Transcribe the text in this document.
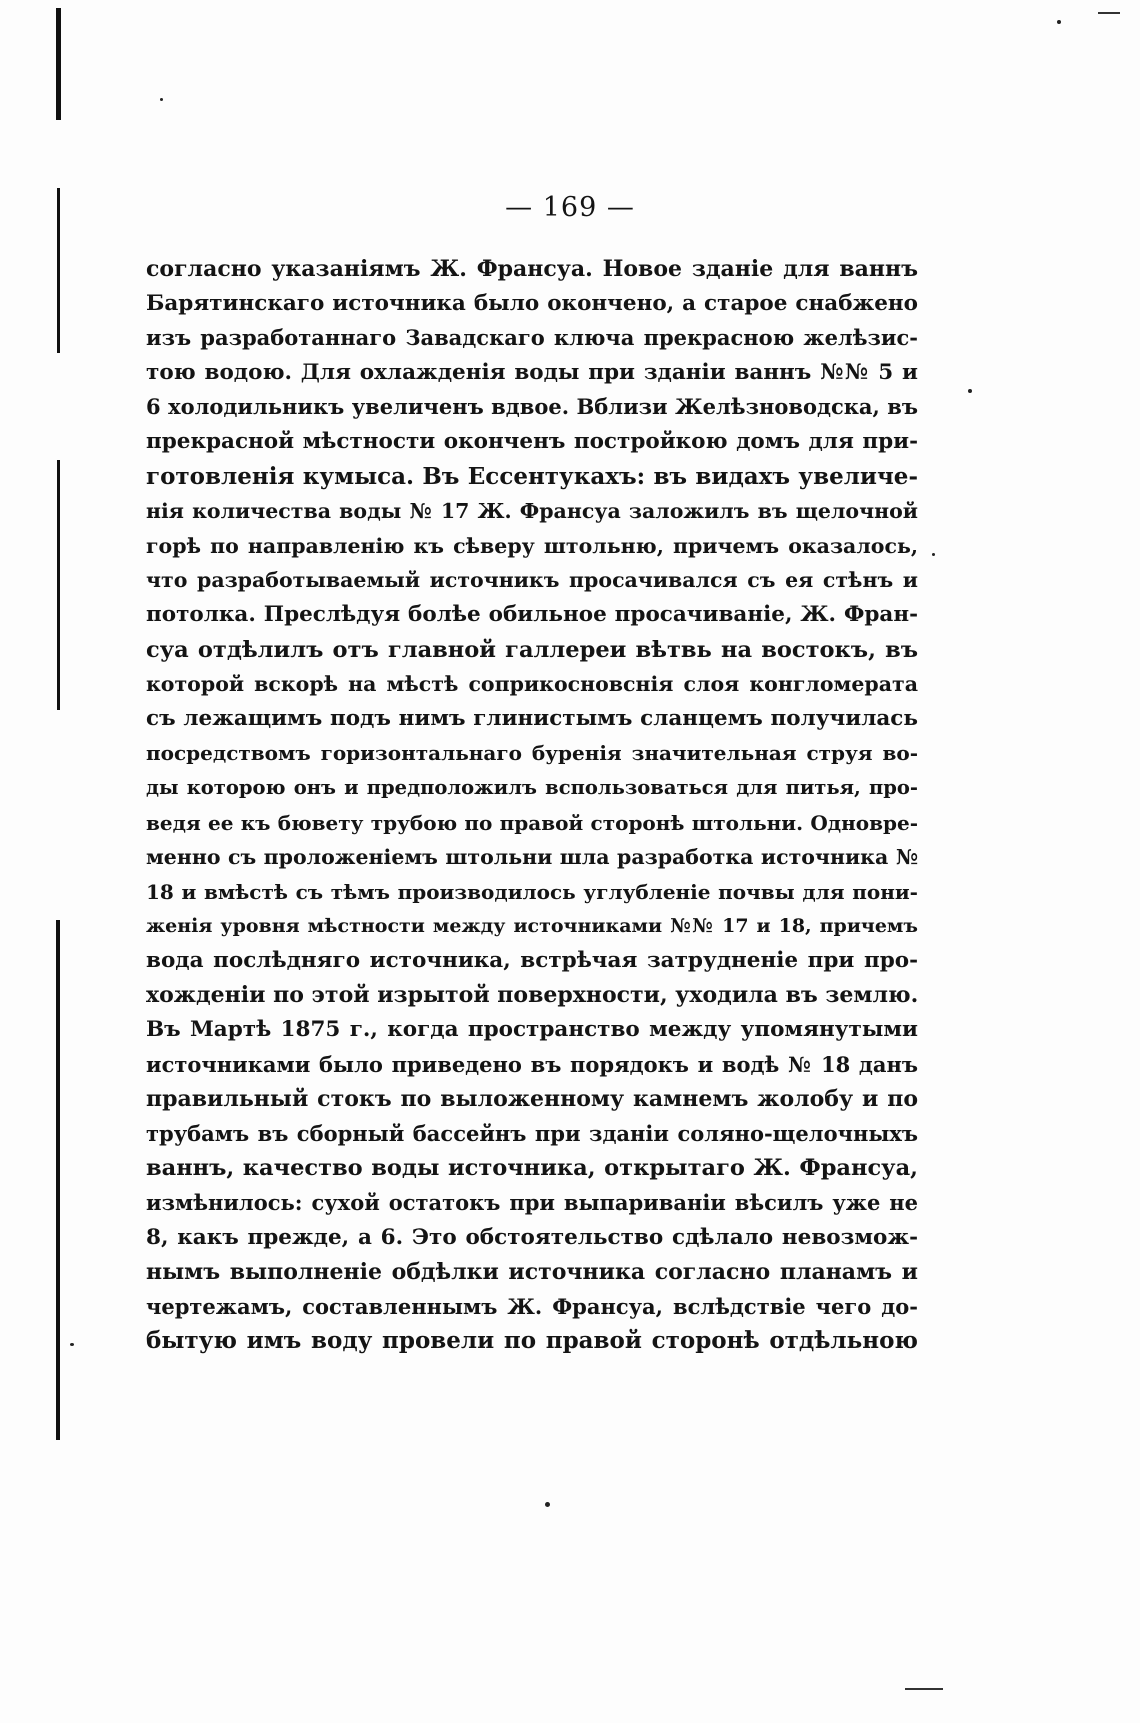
— 169 —
согласно указаніямъ Ж. Франсуа. Новое зданіе для ваннъ
Барятинскаго источника было окончено, а старое снабжено
изъ разработаннаго Завадскаго ключа прекрасною желѣзис-
тою водою. Для охлажденія воды при зданіи ваннъ №№ 5 и
6 холодильникъ увеличенъ вдвое. Вблизи Желѣзноводска, въ
прекрасной мѣстности оконченъ постройкою домъ для при-
готовленія кумыса. Въ Ессентукахъ: въ видахъ увеличе-
нія количества воды № 17 Ж. Франсуа заложилъ въ щелочной
горѣ по направленію къ сѣверу штольню, причемъ оказалось,
что разработываемый источникъ просачивался съ ея стѣнъ и
потолка. Преслѣдуя болѣе обильное просачиваніе, Ж. Фран-
суа отдѣлилъ отъ главной галлереи вѣтвь на востокъ, въ
которой вскорѣ на мѣстѣ соприкосновснія слоя конгломерата
съ лежащимъ подъ нимъ глинистымъ сланцемъ получилась
посредствомъ горизонтальнаго буренія значительная струя во-
ды которою онъ и предположилъ вспользоваться для питья, про-
ведя ее къ бювету трубою по правой сторонѣ штольни. Одновре-
менно съ проложеніемъ штольни шла разработка источника №
18 и вмѣстѣ съ тѣмъ производилось углубленіе почвы для пони-
женія уровня мѣстности между источниками №№ 17 и 18, причемъ
вода послѣдняго источника, встрѣчая затрудненіе при про-
хожденіи по этой изрытой поверхности, уходила въ землю.
Въ Мартѣ 1875 г., когда пространство между упомянутыми
источниками было приведено въ порядокъ и водѣ № 18 данъ
правильный стокъ по выложенному камнемъ жолобу и по
трубамъ въ сборный бассейнъ при зданіи соляно-щелочныхъ
ваннъ, качество воды источника, открытаго Ж. Франсуа,
измѣнилось: сухой остатокъ при выпариваніи вѣсилъ уже не
8, какъ прежде, а 6. Это обстоятельство сдѣлало невозмож-
нымъ выполненіе обдѣлки источника согласно планамъ и
чертежамъ, составленнымъ Ж. Франсуа, вслѣдствіе чего до-
бытую имъ воду провели по правой сторонѣ отдѣльною
